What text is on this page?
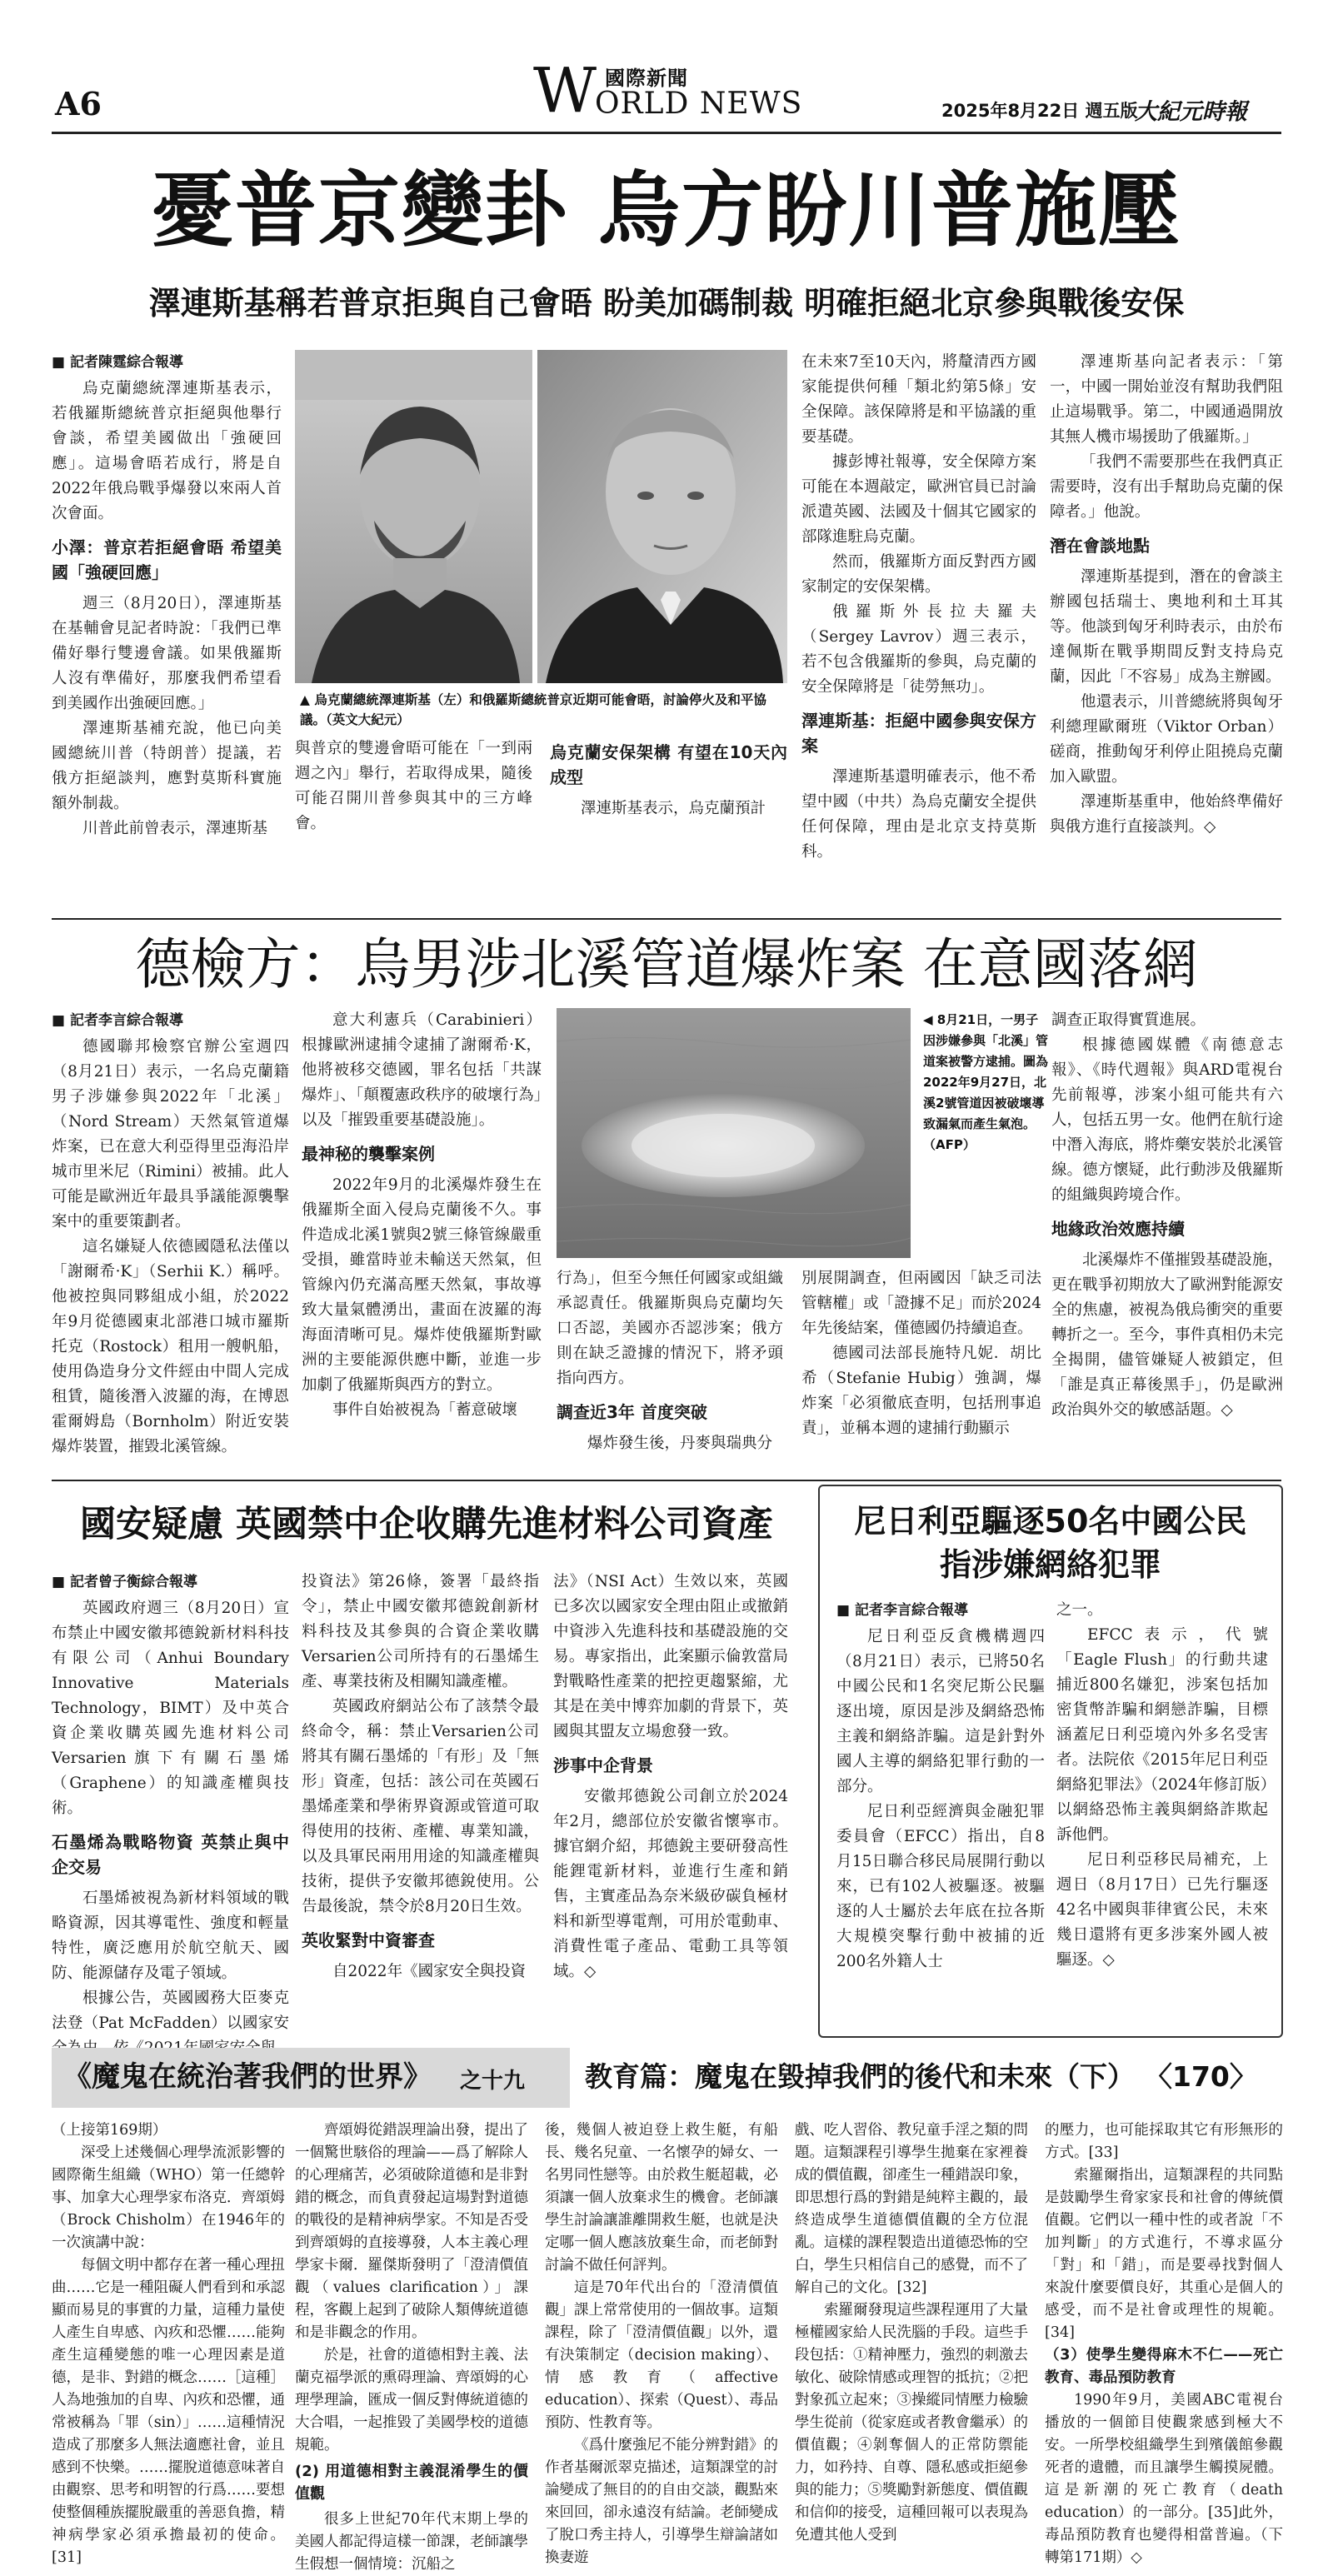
A6	W 國際新聞
ORLD NEWS	2025年8月22日 週五版
大紀元時報
憂普京變卦 烏方盼川普施壓
澤連斯基稱若普京拒與自己會晤 盼美加碼制裁 明確拒絕北京參與戰後安保

■ 記者陳霆綜合報導

烏克蘭總統澤連斯基表示，若俄羅斯總統普京拒絕與他舉行會談，希望美國做出「強硬回應」。這場會晤若成行，將是自2022年俄烏戰爭爆發以來兩人首次會面。

小澤：普京若拒絕會晤 希望美國「強硬回應」

週三（8月20日），澤連斯基在基輔會見記者時說：「我們已準備好舉行雙邊會議。如果俄羅斯人沒有準備好，那麼我們希望看到美國作出強硬回應。」

澤連斯基補充說，他已向美國總統川普（特朗普）提議，若俄方拒絕談判，應對莫斯科實施額外制裁。

川普此前曾表示，澤連斯基

▲ 烏克蘭總統澤連斯基（左）和俄羅斯總統普京近期可能會晤，討論停火及和平協議。（英文大紀元）

與普京的雙邊會晤可能在「一到兩週之內」舉行，若取得成果，隨後可能召開川普參與其中的三方峰會。

烏克蘭安保架構 有望在10天內成型

澤連斯基表示，烏克蘭預計

在未來7至10天內，將釐清西方國家能提供何種「類北約第5條」安全保障。該保障將是和平協議的重要基礎。

據彭博社報導，安全保障方案可能在本週敲定，歐洲官員已討論派遣英國、法國及十個其它國家的部隊進駐烏克蘭。

然而，俄羅斯方面反對西方國家制定的安保架構。

俄羅斯外長拉夫羅夫（Sergey Lavrov）週三表示，若不包含俄羅斯的參與，烏克蘭的安全保障將是「徒勞無功」。

澤連斯基：拒絕中國參與安保方案

澤連斯基還明確表示，他不希望中國（中共）為烏克蘭安全提供任何保障，理由是北京支持莫斯科。

澤連斯基向記者表示：「第一，中國一開始並沒有幫助我們阻止這場戰爭。第二，中國通過開放其無人機市場援助了俄羅斯。」

「我們不需要那些在我們真正需要時，沒有出手幫助烏克蘭的保障者。」他說。

潛在會談地點

澤連斯基提到，潛在的會談主辦國包括瑞士、奧地利和土耳其等。他談到匈牙利時表示，由於布達佩斯在戰爭期間反對支持烏克蘭，因此「不容易」成為主辦國。

他還表示，川普總統將與匈牙利總理歐爾班（Viktor Orban）磋商，推動匈牙利停止阻撓烏克蘭加入歐盟。

澤連斯基重申，他始終準備好與俄方進行直接談判。◇

德檢方：烏男涉北溪管道爆炸案 在意國落網

■ 記者李言綜合報導

德國聯邦檢察官辦公室週四（8月21日）表示，一名烏克蘭籍男子涉嫌參與2022年「北溪」（Nord Stream）天然氣管道爆炸案，已在意大利亞得里亞海沿岸城市里米尼（Rimini）被捕。此人可能是歐洲近年最具爭議能源襲擊案中的重要策劃者。

這名嫌疑人依德國隱私法僅以「謝爾希·K」（Serhii K.）稱呼。他被控與同夥組成小組，於2022年9月從德國東北部港口城市羅斯托克（Rostock）租用一艘帆船，使用偽造身分文件經由中間人完成租賃，隨後潛入波羅的海，在博恩霍爾姆島（Bornholm）附近安裝爆炸裝置，摧毀北溪管線。

意大利憲兵（Carabinieri）根據歐洲逮捕令逮捕了謝爾希·K，他將被移交德國，罪名包括「共謀爆炸」、「顛覆憲政秩序的破壞行為」以及「摧毀重要基礎設施」。

最神秘的襲擊案例

2022年9月的北溪爆炸發生在俄羅斯全面入侵烏克蘭後不久。事件造成北溪1號與2號三條管線嚴重受損，雖當時並未輸送天然氣，但管線內仍充滿高壓天然氣，事故導致大量氣體湧出，畫面在波羅的海海面清晰可見。爆炸使俄羅斯對歐洲的主要能源供應中斷，並進一步加劇了俄羅斯與西方的對立。

事件自始被視為「蓄意破壞

◀ 8月21日，一男子因涉嫌參與「北溪」管道案被警方逮捕。圖為2022年9月27日，北溪2號管道因被破壞導致漏氣而產生氣泡。（AFP）

行為」，但至今無任何國家或組織承認責任。俄羅斯與烏克蘭均矢口否認，美國亦否認涉案；俄方則在缺乏證據的情況下，將矛頭指向西方。

調查近3年 首度突破

爆炸發生後，丹麥與瑞典分

別展開調查，但兩國因「缺乏司法管轄權」或「證據不足」而於2024年先後結案，僅德國仍持續追查。

德國司法部長施特凡妮．胡比希（Stefanie Hubig）強調，爆炸案「必須徹底查明，包括刑事追責」，並稱本週的逮捕行動顯示

調查正取得實質進展。

根據德國媒體《南德意志報》、《時代週報》與ARD電視台先前報導，涉案小組可能共有六人，包括五男一女。他們在航行途中潛入海底，將炸藥安裝於北溪管線。德方懷疑，此行動涉及俄羅斯的組織與跨境合作。

地緣政治效應持續

北溪爆炸不僅摧毀基礎設施，更在戰爭初期放大了歐洲對能源安全的焦慮，被視為俄烏衝突的重要轉折之一。至今，事件真相仍未完全揭開，儘管嫌疑人被鎖定，但「誰是真正幕後黑手」，仍是歐洲政治與外交的敏感話題。◇

國安疑慮 英國禁中企收購先進材料公司資產

■ 記者曾子衡綜合報導

英國政府週三（8月20日）宣布禁止中國安徽邦德銳新材料科技有限公司（Anhui Boundary Innovative Materials Technology，BIMT）及中英合資企業收購英國先進材料公司Versarien旗下有關石墨烯（Graphene）的知識產權與技術。

石墨烯為戰略物資 英禁止與中企交易

石墨烯被視為新材料領域的戰略資源，因其導電性、強度和輕量特性，廣泛應用於航空航天、國防、能源儲存及電子領域。

根據公告，英國國務大臣麥克法登（Pat McFadden）以國家安

投資法》第26條，簽署「最終指令」，禁止中國安徽邦德銳創新材料科技及其參與的合資企業收購Versarien公司所持有的石墨烯生產、專業技術及相關知識產權。

英國政府網站公布了該禁令最終命令，稱：禁止Versarien公司將其有關石墨烯的「有形」及「無形」資產，包括：該公司在英國石墨烯產業和學術界資源或管道可取得使用的技術、產權、專業知識，以及具軍民兩用用途的知識產權與技術，提供予安徽邦德銳使用。公告最後說，禁令於8月20日生效。

英收緊對中資審查

自2022年《國家安全與投資

法》（NSI Act）生效以來，英國已多次以國家安全理由阻止或撤銷中資涉入先進科技和基礎設施的交易。專家指出，此案顯示倫敦當局對戰略性產業的把控更趨緊縮，尤其是在美中博弈加劇的背景下，英國與其盟友立場愈發一致。

涉事中企背景

安徽邦德銳公司創立於2024年2月，總部位於安徽省懷寧市。據官網介紹，邦德銳主要研發高性能鋰電新材料，並進行生產和銷售，主實產品為奈米級矽碳負極材料和新型導電劑，可用於電動車、消費性電子產品、電動工具等領域。◇

尼日利亞驅逐50名中國公民
指涉嫌網絡犯罪

■ 記者李言綜合報導

尼日利亞反貪機構週四（8月21日）表示，已將50名中國公民和1名突尼斯公民驅逐出境，原因是涉及網絡恐怖主義和網絡詐騙。這是針對外國人主導的網絡犯罪行動的一部分。

尼日利亞經濟與金融犯罪委員會（EFCC）指出，自8月15日聯合移民局展開行動以來，已有102人被驅逐。被驅逐的人士屬於去年底在拉各斯大規模突擊行動中被捕的近200名外籍人士

之一。

EFCC表示，代號「Eagle Flush」的行動共逮捕近800名嫌犯，涉案包括加密貨幣詐騙和網戀詐騙，目標涵蓋尼日利亞境內外多名受害者。法院依《2015年尼日利亞網絡犯罪法》（2024年修訂版）以網絡恐怖主義與網絡詐欺起訴他們。

尼日利亞移民局補充，上週日（8月17日）已先行驅逐42名中國與菲律賓公民，未來幾日還將有更多涉案外國人被驅逐。◇

《魔鬼在統治著我們的世界》 之十九 教育篇：魔鬼在毀掉我們的後代和未來（下） 〈170〉

（上接第169期）

深受上述幾個心理學流派影響的國際衛生組織（WHO）第一任總幹事、加拿大心理學家布洛克．齊頌姆（Brock Chisholm）在1946年的一次演講中說：

每個文明中都存在著一種心理扭曲……它是一種阻礙人們看到和承認顯而易見的事實的力量，這種力量使人產生自卑感、內疚和恐懼……能夠產生這種變態的唯一心理因素是道德，是非、對錯的概念……［這種］人為地強加的自卑、內疚和恐懼，通常被稱為「罪（sin）」……這種情況造成了那麼多人無法適應社會，並且感到不快樂。……擺脫道德意味著自由觀察、思考和明智的行爲……要想使整個種族擺脫嚴重的善惡負擔，精神病學家必須承擔最初的使命。[31]

齊頌姆從錯誤理論出發，提出了一個驚世駭俗的理論——爲了解除人的心理痛苦，必須破除道德和是非對錯的概念，而負責發起這場對對道德的戰役的是精神病學家。不知是否受到齊頌姆的直接導發，人本主義心理學家卡爾．羅傑斯發明了「澄清價值觀（values clarification）」課程，客觀上起到了破除人類傳統道德和是非觀念的作用。

於是，社會的道德相對主義、法蘭克福學派的熏碍理論、齊頌姆的心理學理論，匯成一個反對傳統道德的大合唱，一起推毀了美國學校的道德規範。

(2) 用道德相對主義混淆學生的價值觀

很多上世紀70年代末期上學的美國人都記得這樣一節課，老師讓學生假想一個情境：沉船之

後，幾個人被迫登上救生艇，有船長、幾名兒童、一名懷孕的婦女、一名男同性戀等。由於救生艇超載，必須讓一個人放棄求生的機會。老師讓學生討論讓誰離開救生艇，也就是決定哪一個人應該放棄生命，而老師對討論不做任何評判。

這是70年代出台的「澄清價值觀」課上常常使用的一個故事。這類課程，除了「澄清價值觀」以外，還有決策制定（decision making）、情感教育（affective education）、探索（Quest）、毒品預防、性教育等。

《爲什麼強尼不能分辨對錯》的作者基爾派翠克描述，這類課堂的討論變成了無目的的自由交談，觀點來來回回，卻永遠沒有結論。老師變成了脫口秀主持人，引導學生辯論諸如換妻遊

戲、吃人習俗、教兒童手淫之類的問題。這類課程引導學生拋棄在家裡養成的價值觀，卻產生一種錯誤印象，即思想行爲的對錯是純粹主觀的，最終造成學生道德價值觀的全方位混亂。這樣的課程製造出道德恐怖的空白，學生只相信自己的感覺，而不了解自己的文化。[32]

索羅爾發現這些課程運用了大量極權國家給人民洗腦的手段。這些手段包括：①精神壓力，強烈的刺激去敏化、破除情感或理智的抵抗；②把對象孤立起來；③操縱同情壓力檢驗學生從前（從家庭或者教會繼承）的價值觀；④剝奪個人的正常防禦能力，如矜持、自尊、隱私感或拒絕參與的能力；⑤獎勵對新態度、價值觀和信仰的接受，這種回報可以表現為免遭其他人受到

的壓力，也可能採取其它有形無形的方式。[33]

索羅爾指出，這類課程的共同點是鼓勵學生脅家家長和社會的傳統價值觀。它們以一種中性的或者說「不加判斷」的方式進行，不導求區分「對」和「錯」，而是要尋找對個人來說什麼要價良好，其重心是個人的感受，而不是社會或理性的規範。[34]

（3）使學生變得麻木不仁——死亡教育、毒品預防教育

1990年9月，美國ABC電視台播放的一個節目使觀衆感到極大不安。一所學校組織學生到殯儀館參觀死者的遺體，而且讓學生觸摸屍體。這是新潮的死亡教育（death education）的一部分。[35]此外，毒品預防教育也變得相當普遍。（下轉第171期）◇
